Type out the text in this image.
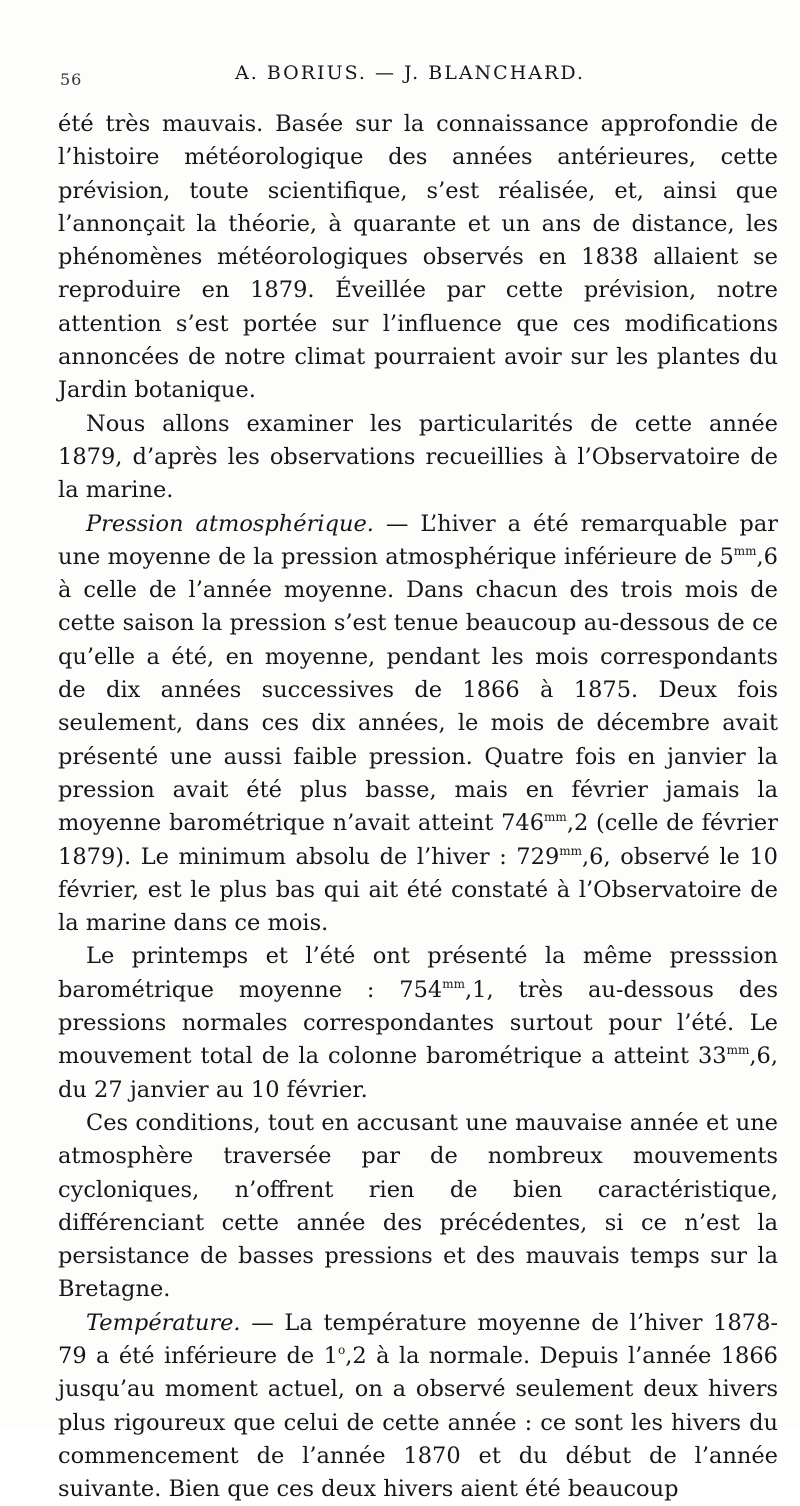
56	A. BORIUS. — J. BLANCHARD.

été très mauvais. Basée sur la connaissance approfondie de l’histoire météorologique des années antérieures, cette prévision, toute scientifique, s’est réalisée, et, ainsi que l’annonçait la théorie, à quarante et un ans de distance, les phénomènes météorologiques observés en 1838 allaient se reproduire en 1879. Éveillée par cette prévision, notre attention s’est portée sur l’influence que ces modifications annoncées de notre climat pourraient avoir sur les plantes du Jardin botanique.

Nous allons examiner les particularités de cette année 1879, d’après les observations recueillies à l’Observatoire de la marine.

Pression atmosphérique. — L’hiver a été remarquable par une moyenne de la pression atmosphérique inférieure de $5^{mm},6$ à celle de l’année moyenne. Dans chacun des trois mois de cette saison la pression s’est tenue beaucoup au-dessous de ce qu’elle a été, en moyenne, pendant les mois correspondants de dix années successives de 1866 à 1875. Deux fois seulement, dans ces dix années, le mois de décembre avait présenté une aussi faible pression. Quatre fois en janvier la pression avait été plus basse, mais en février jamais la moyenne barométrique n’avait atteint $746^{mm},2$ (celle de février 1879). Le minimum absolu de l’hiver : $729^{mm},6$, observé le 10 février, est le plus bas qui ait été constaté à l’Observatoire de la marine dans ce mois.

Le printemps et l’été ont présenté la même presssion barométrique moyenne : $754^{mm},1$, très au-dessous des pressions normales correspondantes surtout pour l’été. Le mouvement total de la colonne barométrique a atteint $33^{mm},6$, du 27 janvier au 10 février.

Ces conditions, tout en accusant une mauvaise année et une atmosphère traversée par de nombreux mouvements cycloniques, n’offrent rien de bien caractéristique, différenciant cette année des précédentes, si ce n’est la persistance de basses pressions et des mauvais temps sur la Bretagne.

Température. — La température moyenne de l’hiver 1878-79 a été inférieure de 1$^o$,2 à la normale. Depuis l’année 1866 jusqu’au moment actuel, on a observé seulement deux hivers plus rigoureux que celui de cette année : ce sont les hivers du commencement de l’année 1870 et du début de l’année suivante. Bien que ces deux hivers aient été beaucoup
